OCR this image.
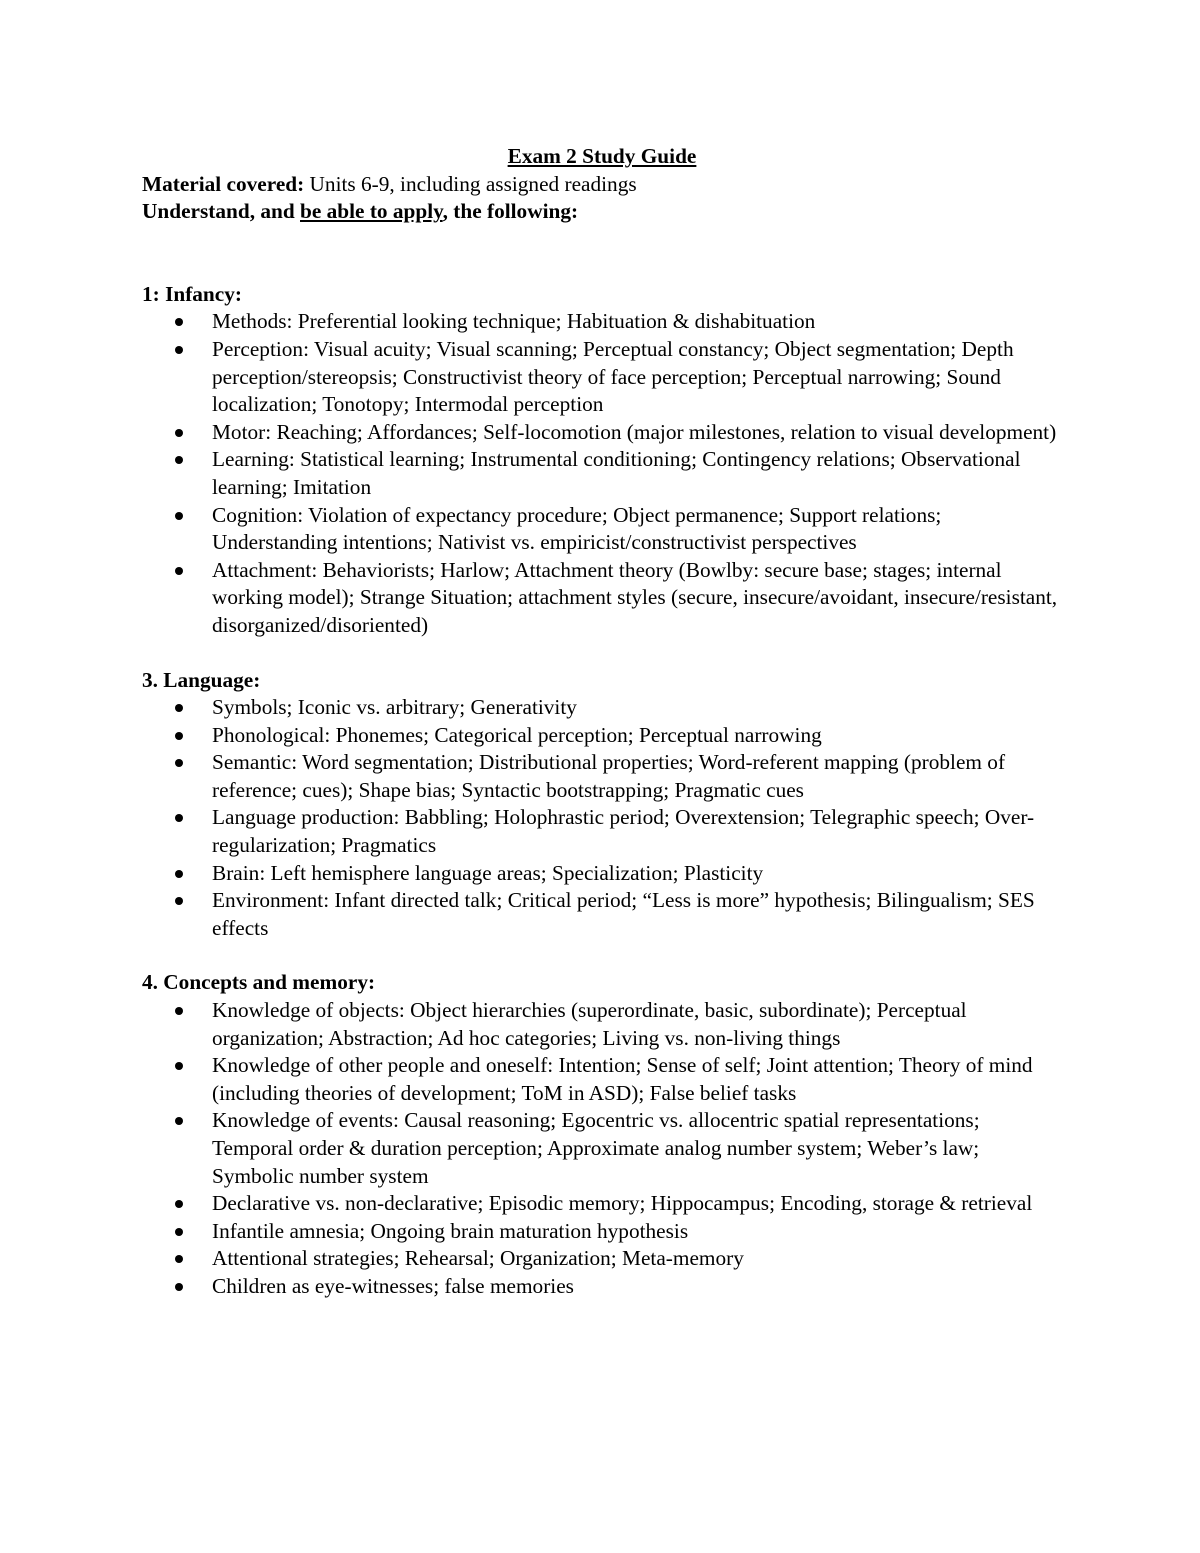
Exam 2 Study Guide

Material covered: Units 6-9, including assigned readings

Understand, and be able to apply, the following:

1: Infancy:

Methods: Preferential looking technique; Habituation & dishabituation
Perception: Visual acuity; Visual scanning; Perceptual constancy; Object segmentation; Depth perception/stereopsis; Constructivist theory of face perception; Perceptual narrowing; Sound localization; Tonotopy; Intermodal perception
Motor: Reaching; Affordances; Self-locomotion (major milestones, relation to visual development)
Learning: Statistical learning; Instrumental conditioning; Contingency relations; Observational learning; Imitation
Cognition: Violation of expectancy procedure; Object permanence; Support relations; Understanding intentions; Nativist vs. empiricist/constructivist perspectives
Attachment: Behaviorists; Harlow; Attachment theory (Bowlby: secure base; stages; internal working model); Strange Situation; attachment styles (secure, insecure/avoidant, insecure/resistant, disorganized/disoriented)

3. Language:

Symbols; Iconic vs. arbitrary; Generativity
Phonological: Phonemes; Categorical perception; Perceptual narrowing
Semantic: Word segmentation; Distributional properties; Word-referent mapping (problem of reference; cues); Shape bias; Syntactic bootstrapping; Pragmatic cues
Language production: Babbling; Holophrastic period; Overextension; Telegraphic speech; Over-regularization; Pragmatics
Brain: Left hemisphere language areas; Specialization; Plasticity
Environment: Infant directed talk; Critical period; “Less is more” hypothesis; Bilingualism; SES effects

4. Concepts and memory:

Knowledge of objects: Object hierarchies (superordinate, basic, subordinate); Perceptual organization; Abstraction; Ad hoc categories; Living vs. non-living things
Knowledge of other people and oneself: Intention; Sense of self; Joint attention; Theory of mind (including theories of development; ToM in ASD); False belief tasks
Knowledge of events: Causal reasoning; Egocentric vs. allocentric spatial representations; Temporal order & duration perception; Approximate analog number system; Weber’s law; Symbolic number system
Declarative vs. non-declarative; Episodic memory; Hippocampus; Encoding, storage & retrieval
Infantile amnesia; Ongoing brain maturation hypothesis
Attentional strategies; Rehearsal; Organization; Meta-memory
Children as eye-witnesses; false memories
